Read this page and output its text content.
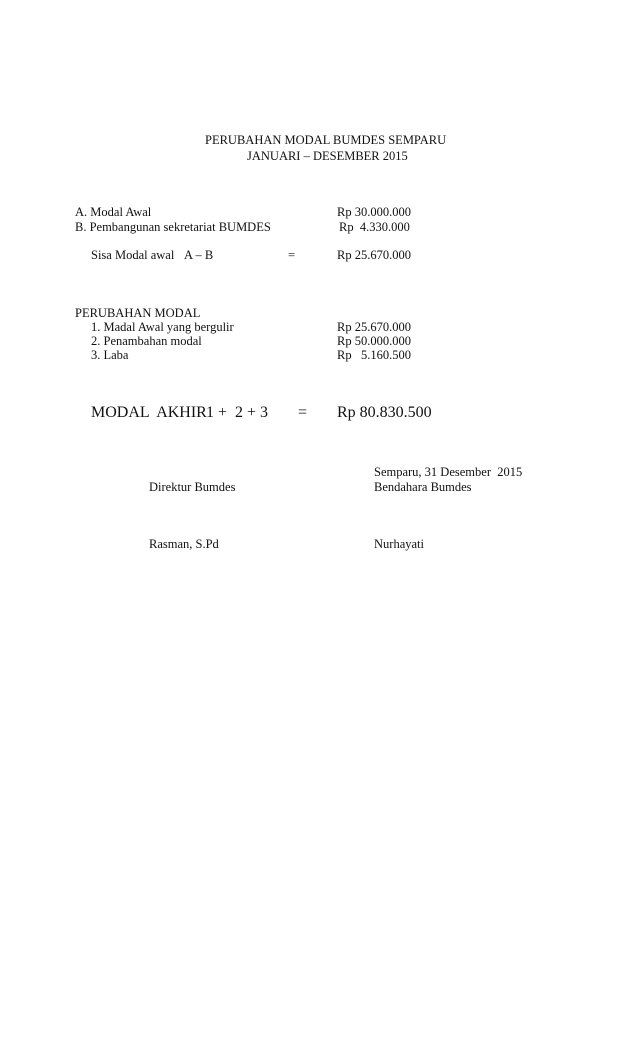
PERUBAHAN MODAL BUMDES SEMPARU
JANUARI – DESEMBER 2015
A. Modal Awal	Rp 30.000.000
B. Pembangunan sekretariat BUMDES	Rp  4.330.000
Sisa Modal awal A – B	=	Rp 25.670.000
PERUBAHAN MODAL
1. Madal Awal yang bergulir	Rp 25.670.000
2. Penambahan modal	Rp 50.000.000
3. Laba	Rp   5.160.500
MODAL  AKHIR 1 +  2 + 3 = Rp 80.830.500
Semparu, 31 Desember  2015
Direktur Bumdes	Bendahara Bumdes
Rasman, S.Pd	Nurhayati
